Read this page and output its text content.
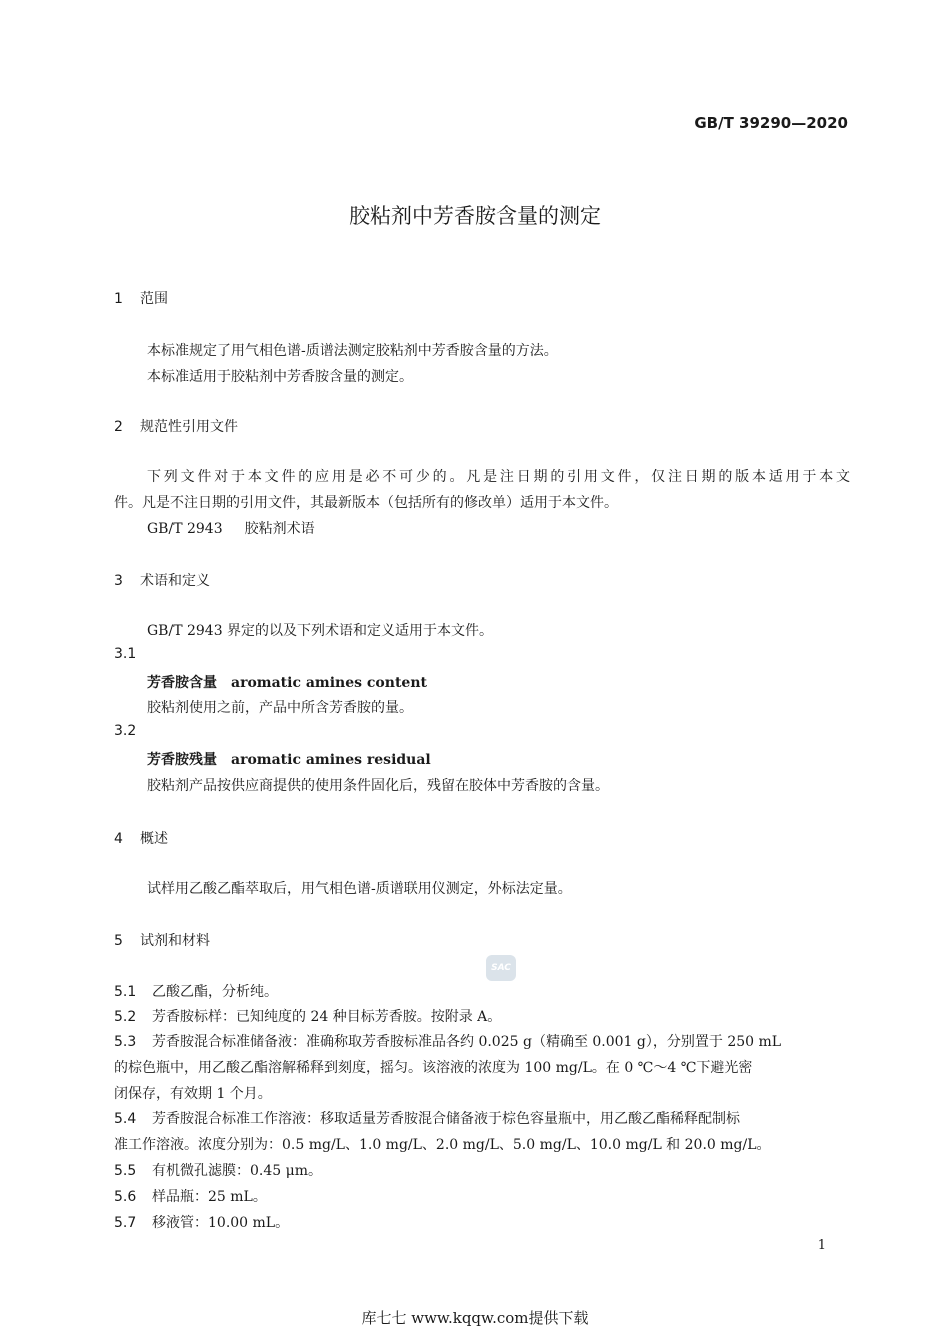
GB/T 39290—2020
胶粘剂中芳香胺含量的测定
1 范围
本标准规定了用气相色谱-质谱法测定胶粘剂中芳香胺含量的方法。
本标准适用于胶粘剂中芳香胺含量的测定。
2 规范性引用文件
下列文件对于本文件的应用是必不可少的。凡是注日期的引用文件，仅注日期的版本适用于本文
件。凡是不注日期的引用文件，其最新版本（包括所有的修改单）适用于本文件。
GB/T 2943 胶粘剂术语
3 术语和定义
GB/T 2943 界定的以及下列术语和定义适用于本文件。
3.1
芳香胺含量 aromatic amines content
胶粘剂使用之前，产品中所含芳香胺的量。
3.2
芳香胺残量 aromatic amines residual
胶粘剂产品按供应商提供的使用条件固化后，残留在胶体中芳香胺的含量。
4 概述
试样用乙酸乙酯萃取后，用气相色谱-质谱联用仪测定，外标法定量。
5 试剂和材料
SAC
5.1 乙酸乙酯，分析纯。
5.2 芳香胺标样：已知纯度的 24 种目标芳香胺。按附录 A。
5.3 芳香胺混合标准储备液：准确称取芳香胺标准品各约 0.025 g（精确至 0.001 g），分别置于 250 mL
的棕色瓶中，用乙酸乙酯溶解稀释到刻度，摇匀。该溶液的浓度为 100 mg/L。在 0 ℃～4 ℃下避光密
闭保存，有效期 1 个月。
5.4 芳香胺混合标准工作溶液：移取适量芳香胺混合储备液于棕色容量瓶中，用乙酸乙酯稀释配制标
准工作溶液。浓度分别为：0.5 mg/L、1.0 mg/L、2.0 mg/L、5.0 mg/L、10.0 mg/L 和 20.0 mg/L。
5.5 有机微孔滤膜：0.45 μm。
5.6 样品瓶：25 mL。
5.7 移液管：10.00 mL。
1
库七七 www.kqqw.com提供下载
